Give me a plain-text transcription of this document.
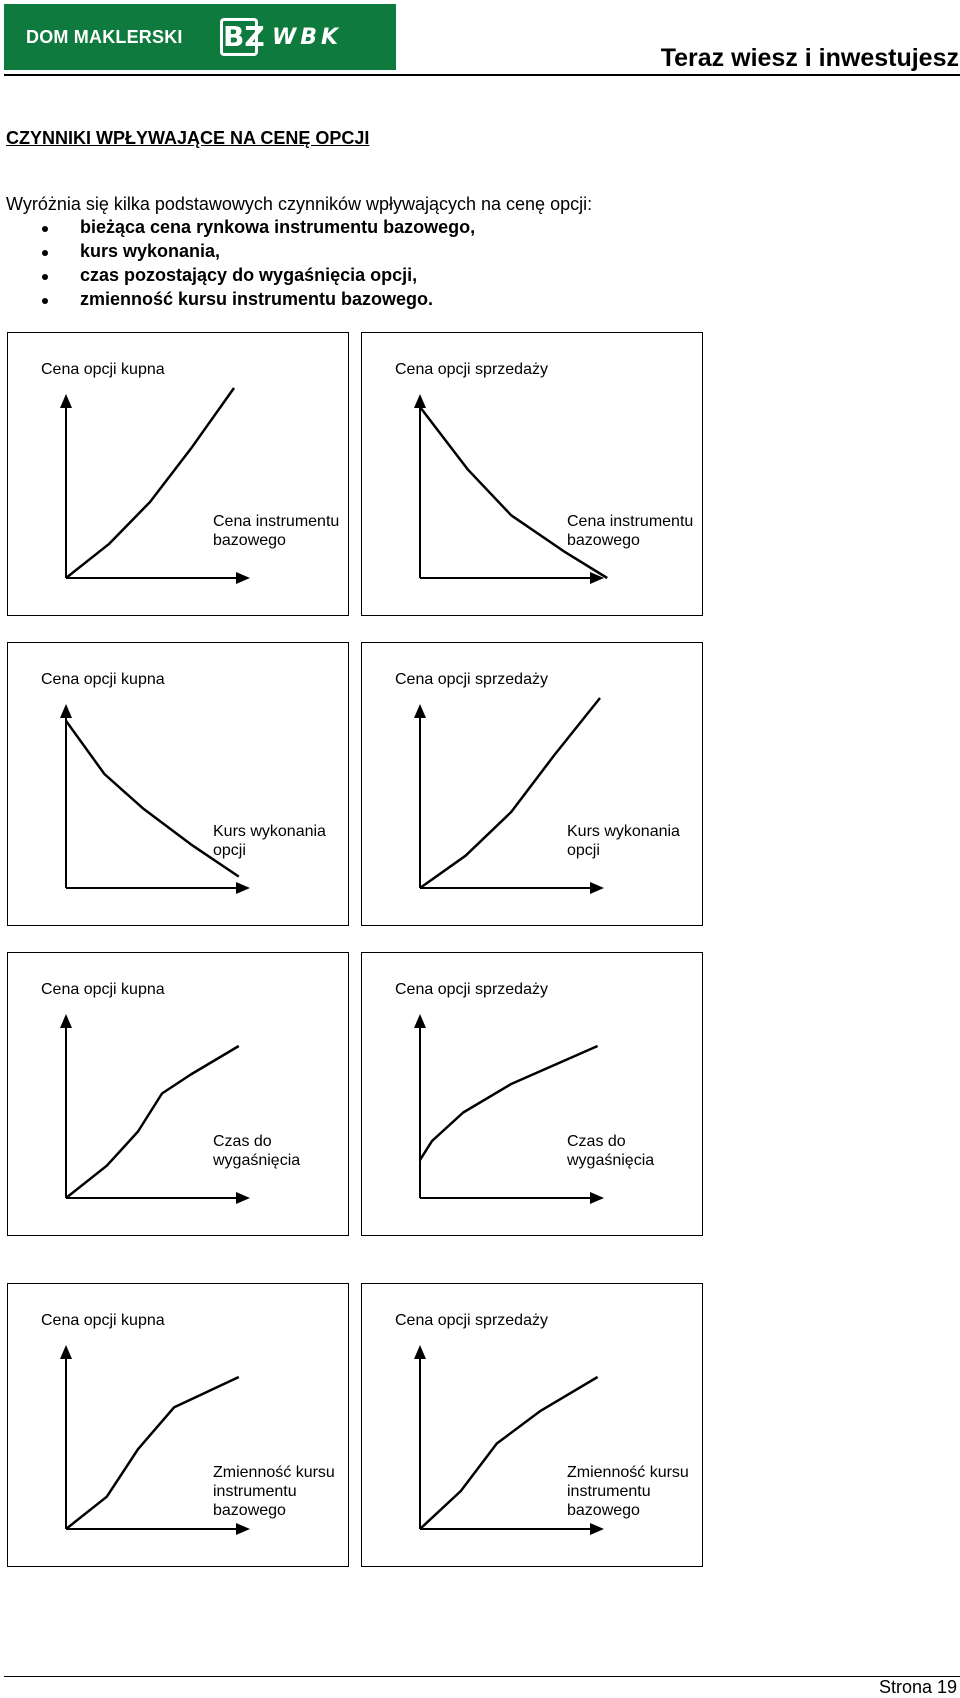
DOM MAKLERSKI BZ WBK
Teraz wiesz i inwestujesz
CZYNNIKI WPŁYWAJĄCE NA CENĘ OPCJI
Wyróżnia się kilka podstawowych czynników wpływających na cenę opcji:
bieżąca cena rynkowa instrumentu bazowego,
kurs wykonania,
czas pozostający do wygaśnięcia opcji,
zmienność kursu instrumentu bazowego.
Cena opcji kupna
Cena instrumentu bazowego
Cena opcji sprzedaży
Cena instrumentu bazowego
Cena opcji kupna
Kurs wykonania opcji
Cena opcji sprzedaży
Kurs wykonania opcji
Cena opcji kupna
Czas do wygaśnięcia
Cena opcji sprzedaży
Czas do wygaśnięcia
Cena opcji kupna
Zmienność kursu instrumentu bazowego
Cena opcji sprzedaży
Zmienność kursu instrumentu bazowego
Strona 19
